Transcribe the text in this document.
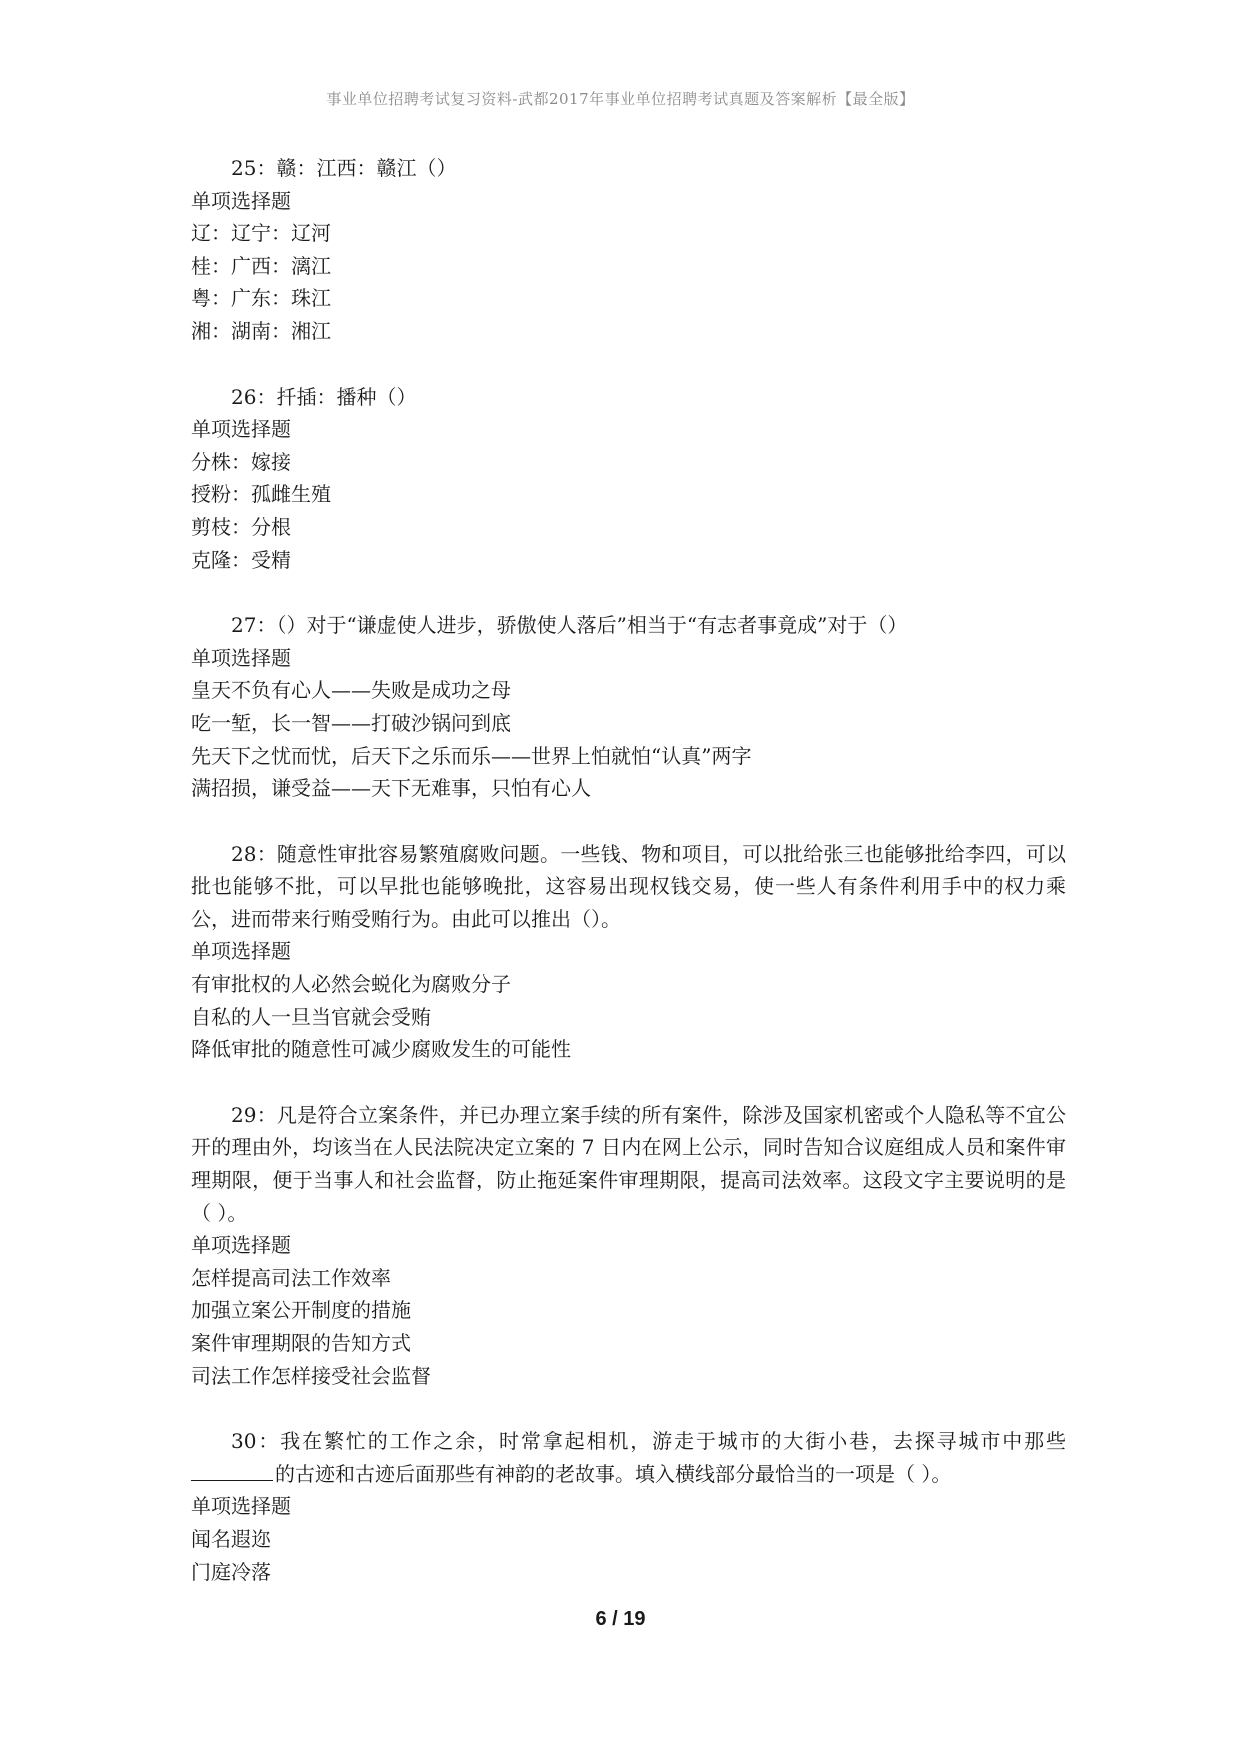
事业单位招聘考试复习资料-武都2017年事业单位招聘考试真题及答案解析【最全版】
25：赣：江西：赣江（）
单项选择题
辽：辽宁：辽河
桂：广西：漓江
粤：广东：珠江
湘：湖南：湘江
26：扦插：播种（）
单项选择题
分株：嫁接
授粉：孤雌生殖
剪枝：分根
克隆：受精
27：（）对于“谦虚使人进步，骄傲使人落后”相当于“有志者事竟成”对于（）
单项选择题
皇天不负有心人——失败是成功之母
吃一堑，长一智——打破沙锅问到底
先天下之忧而忧，后天下之乐而乐——世界上怕就怕“认真”两字
满招损，谦受益——天下无难事，只怕有心人
28：随意性审批容易繁殖腐败问题。一些钱、物和项目，可以批给张三也能够批给李四，可以批也能够不批，可以早批也能够晚批，这容易出现权钱交易，使一些人有条件利用手中的权力乘公，进而带来行贿受贿行为。由此可以推出（）。
单项选择题
有审批权的人必然会蜕化为腐败分子
自私的人一旦当官就会受贿
降低审批的随意性可减少腐败发生的可能性
29：凡是符合立案条件，并已办理立案手续的所有案件，除涉及国家机密或个人隐私等不宜公开的理由外，均该当在人民法院决定立案的 7 日内在网上公示，同时告知合议庭组成人员和案件审理期限，便于当事人和社会监督，防止拖延案件审理期限，提高司法效率。这段文字主要说明的是（ ）。
单项选择题
怎样提高司法工作效率
加强立案公开制度的措施
案件审理期限的告知方式
司法工作怎样接受社会监督
30：我在繁忙的工作之余，时常拿起相机，游走于城市的大街小巷，去探寻城市中那些的古迹和古迹后面那些有神韵的老故事。填入横线部分最恰当的一项是（ ）。
单项选择题
闻名遐迩
门庭冷落
6 / 19
